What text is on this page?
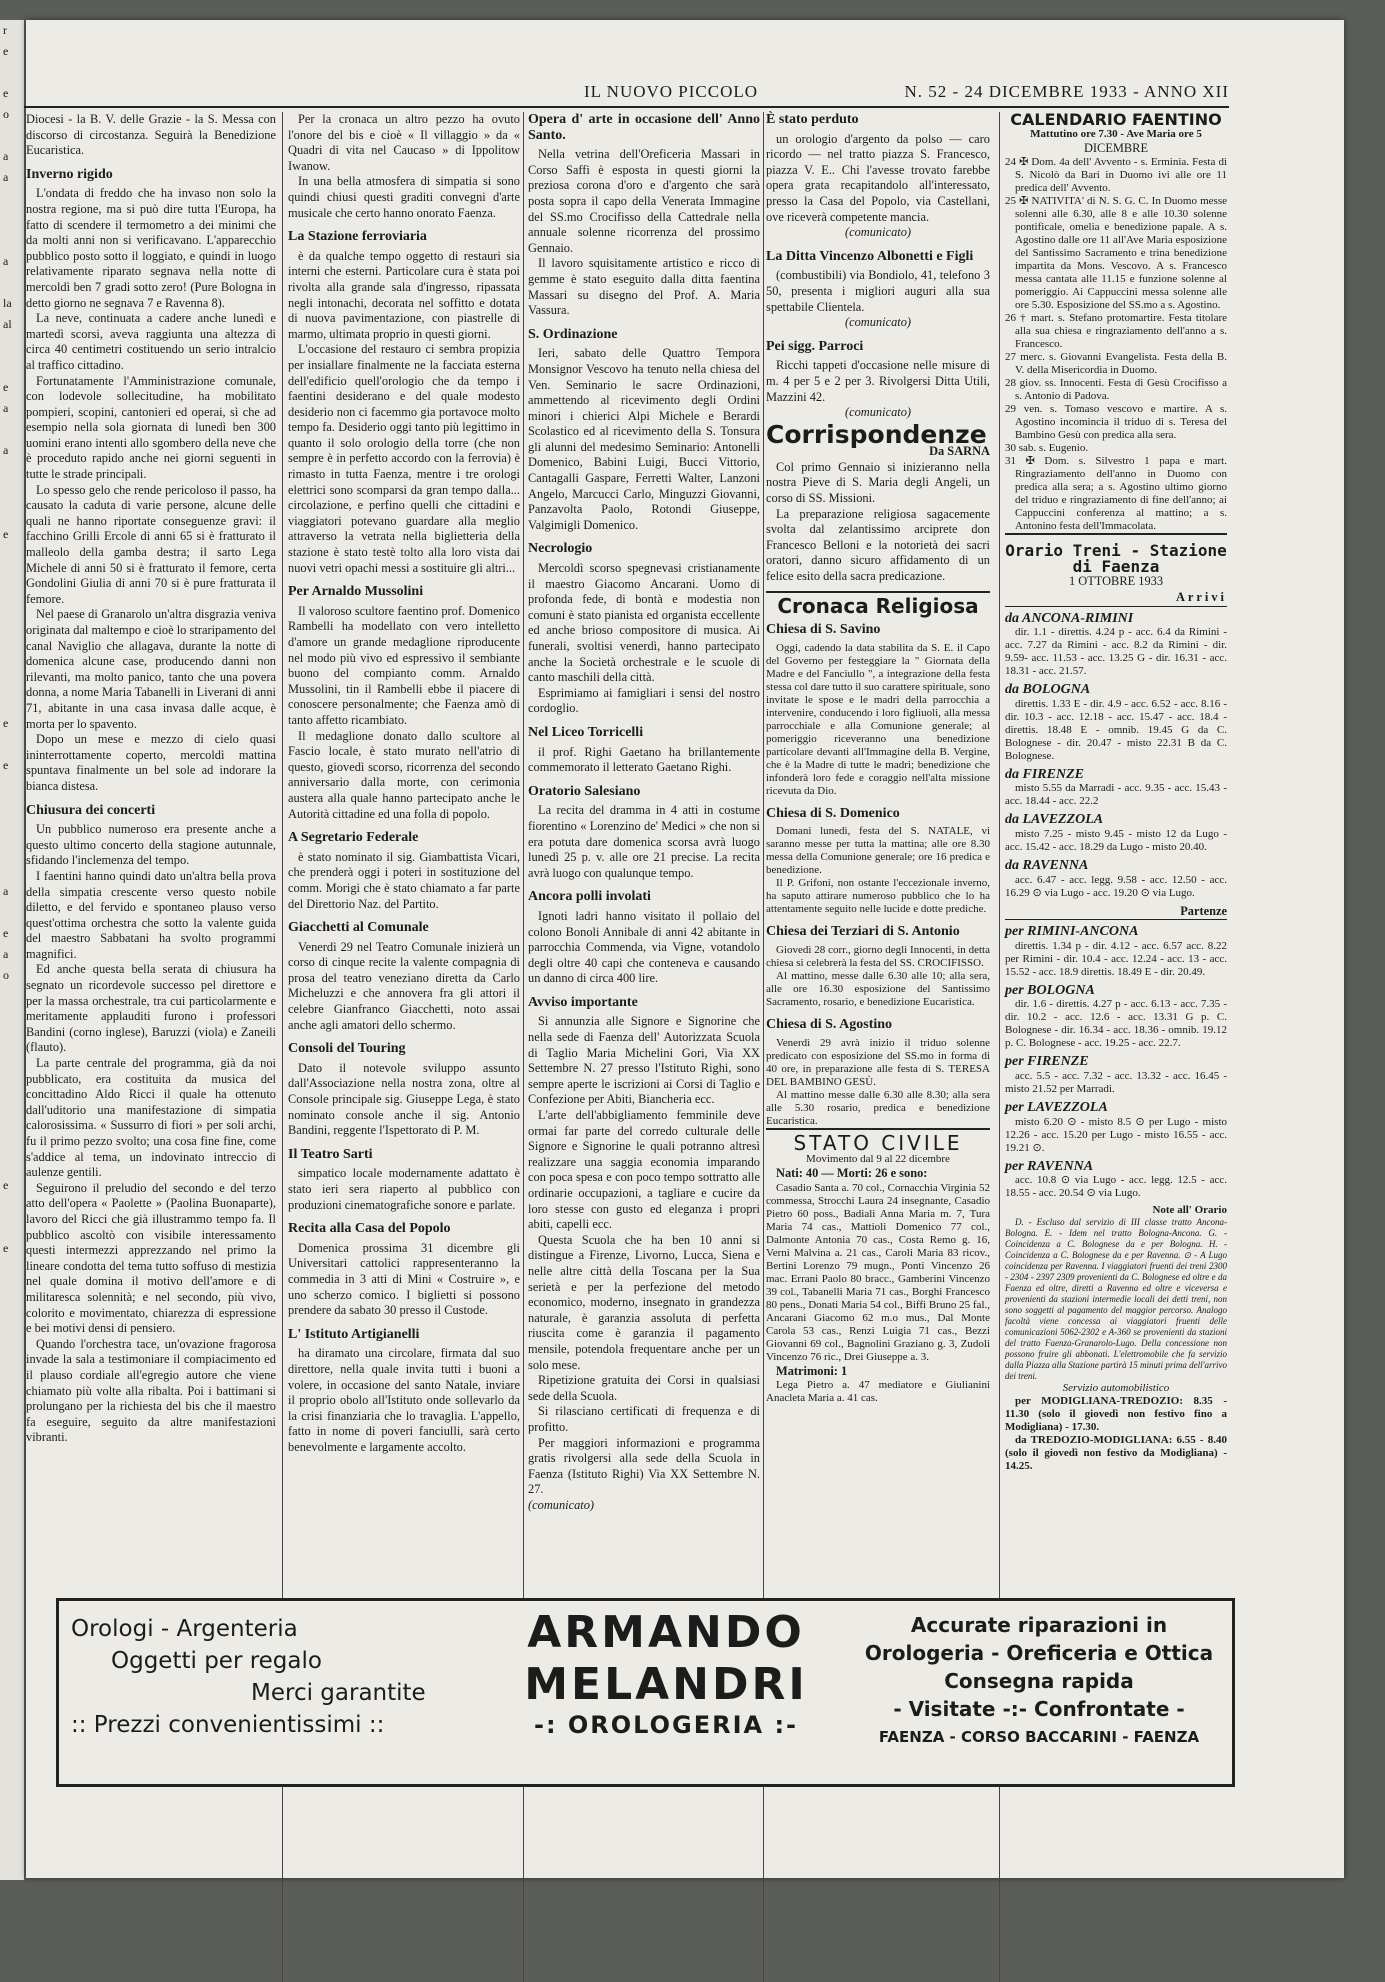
r
e

e
o

a
a

a

la
al

e
a

a

e

e

e

a

e
a
o

e

e

IL NUOVO PICCOLO	N. 52 - 24 DICEMBRE 1933 - ANNO XII

Diocesi - la B. V. delle Grazie - la S. Messa con discorso di circostanza. Seguirà la Benedizione Eucaristica.

Inverno rigido

L'ondata di freddo che ha invaso non solo la nostra regione, ma si può dire tutta l'Europa, ha fatto di scendere il termometro a dei minimi che da molti anni non si verificavano. L'apparecchio pubblico posto sotto il loggiato, e quindi in luogo relativamente riparato segnava nella notte di mercoldì ben 7 gradi sotto zero! (Pure Bologna in detto giorno ne segnava 7 e Ravenna 8).

La neve, continuata a cadere anche lunedì e martedì scorsi, aveva raggiunta una altezza di circa 40 centimetri costituendo un serio intralcio al traffico cittadino.

Fortunatamente l'Amministrazione comunale, con lodevole sollecitudine, ha mobilitato pompieri, scopini, cantonieri ed operai, sì che ad esempio nella sola giornata di lunedì ben 300 uomini erano intenti allo sgombero della neve che è proceduto rapido anche nei giorni seguenti in tutte le strade principali.

Lo spesso gelo che rende pericoloso il passo, ha causato la caduta di varie persone, alcune delle quali ne hanno riportate conseguenze gravi: il facchino Grilli Ercole di anni 65 si è fratturato il malleolo della gamba destra; il sarto Lega Michele di anni 50 si è fratturato il femore, certa Gondolini Giulia di anni 70 si è pure fratturata il femore.

Nel paese di Granarolo un'altra disgrazia veniva originata dal maltempo e cioè lo straripamento del canal Naviglio che allagava, durante la notte di domenica alcune case, producendo danni non rilevanti, ma molto panico, tanto che una povera donna, a nome Maria Tabanelli in Liverani di anni 71, abitante in una casa invasa dalle acque, è morta per lo spavento.

Dopo un mese e mezzo di cielo quasi ininterrottamente coperto, mercoldì mattina spuntava finalmente un bel sole ad indorare la bianca distesa.

Chiusura dei concerti

Un pubblico numeroso era presente anche a questo ultimo concerto della stagione autunnale, sfidando l'inclemenza del tempo.

I faentini hanno quindi dato un'altra bella prova della simpatia crescente verso questo nobile diletto, e del fervido e spontaneo plauso verso quest'ottima orchestra che sotto la valente guida del maestro Sabbatani ha svolto programmi magnifici.

Ed anche questa bella serata di chiusura ha segnato un ricordevole successo pel direttore e per la massa orchestrale, tra cui particolarmente e meritamente applauditi furono i professori Bandini (corno inglese), Baruzzi (viola) e Zaneili (flauto).

La parte centrale del programma, già da noi pubblicato, era costituita da musica del concittadino Aldo Ricci il quale ha ottenuto dall'uditorio una manifestazione di simpatia calorosissima. « Sussurro di fiori » per soli archi, fu il primo pezzo svolto; una cosa fine fine, come s'addice al tema, un indovinato intreccio di aulenze gentili.

Seguirono il preludio del secondo e del terzo atto dell'opera « Paolette » (Paolina Buonaparte), lavoro del Ricci che già illustrammo tempo fa. Il pubblico ascoltò con visibile interessamento questi intermezzi apprezzando nel primo la lineare condotta del tema tutto soffuso di mestizia nel quale domina il motivo dell'amore e di militaresca solennità; e nel secondo, più vivo, colorito e movimentato, chiarezza di espressione e bei motivi densi di pensiero.

Quando l'orchestra tace, un'ovazione fragorosa invade la sala a testimoniare il compiacimento ed il plauso cordiale all'egregio autore che viene chiamato più volte alla ribalta. Poi i battimani si prolungano per la richiesta del bis che il maestro fa eseguire, seguito da altre manifestazioni vibranti.

Per la cronaca un altro pezzo ha ovuto l'onore del bis e cioè « Il villaggio » da « Quadri di vita nel Caucaso » di Ippolitow Iwanow.

In una bella atmosfera di simpatia si sono quindi chiusi questi graditi convegni d'arte musicale che certo hanno onorato Faenza.

La Stazione ferroviaria

è da qualche tempo oggetto di restauri sia interni che esterni. Particolare cura è stata poi rivolta alla grande sala d'ingresso, ripassata negli intonachi, decorata nel soffitto e dotata di nuova pavimentazione, con piastrelle di marmo, ultimata proprio in questi giorni.

L'occasione del restauro ci sembra propizia per insiallare finalmente ne la facciata esterna dell'edificio quell'orologio che da tempo i faentini desiderano e del quale modesto desiderio non ci facemmo gia portavoce molto tempo fa. Desiderio oggi tanto più legittimo in quanto il solo orologio della torre (che non sempre è in perfetto accordo con la ferrovia) è rimasto in tutta Faenza, mentre i tre orologi elettrici sono scomparsi da gran tempo dalla... circolazione, e perfino quelli che cittadini e viaggiatori potevano guardare alla meglio attraverso la vetrata nella biglietteria della stazione è stato testè tolto alla loro vista dai nuovi vetri opachi messi a sostituire gli altri...

Per Arnaldo Mussolini

Il valoroso scultore faentino prof. Domenico Rambelli ha modellato con vero intelletto d'amore un grande medaglione riproducente nel modo più vivo ed espressivo il sembiante buono del compianto comm. Arnaldo Mussolini, tin il Rambelli ebbe il piacere di conoscere personalmente; che Faenza amò di tanto affetto ricambiato.

Il medaglione donato dallo scultore al Fascio locale, è stato murato nell'atrio di questo, giovedì scorso, ricorrenza del secondo anniversario dalla morte, con cerimonia austera alla quale hanno partecipato anche le Autorità cittadine ed una folla di popolo.

A Segretario Federale

è stato nominato il sig. Giambattista Vicari, che prenderà oggi i poteri in sostituzione del comm. Morigi che è stato chiamato a far parte del Direttorio Naz. del Partito.

Giacchetti al Comunale

Venerdì 29 nel Teatro Comunale inizierà un corso di cinque recite la valente compagnia di prosa del teatro veneziano diretta da Carlo Micheluzzi e che annovera fra gli attori il celebre Gianfranco Giacchetti, noto assai anche agli amatori dello schermo.

Consoli del Touring

Dato il notevole sviluppo assunto dall'Associazione nella nostra zona, oltre al Console principale sig. Giuseppe Lega, è stato nominato console anche il sig. Antonio Bandini, reggente l'Ispettorato di P. M.

Il Teatro Sarti

simpatico locale modernamente adattato è stato ieri sera riaperto al pubblico con produzioni cinematografiche sonore e parlate.

Recita alla Casa del Popolo

Domenica prossima 31 dicembre gli Universitari cattolici rappresenteranno la commedia in 3 atti di Mini « Costruire », e uno scherzo comico. I biglietti si possono prendere da sabato 30 presso il Custode.

L' Istituto Artigianelli

ha diramato una circolare, firmata dal suo direttore, nella quale invita tutti i buoni a volere, in occasione del santo Natale, inviare il proprio obolo all'Istituto onde sollevarlo da la crisi finanziaria che lo travaglia. L'appello, fatto in nome di poveri fanciulli, sarà certo benevolmente e largamente accolto.

Opera d' arte in occasione dell' Anno Santo.

Nella vetrina dell'Oreficeria Massari in Corso Saffi è esposta in questi giorni la preziosa corona d'oro e d'argento che sarà posta sopra il capo della Venerata Immagine del SS.mo Crocifisso della Cattedrale nella annuale solenne ricorrenza del prossimo Gennaio.

Il lavoro squisitamente artistico e ricco di gemme è stato eseguito dalla ditta faentina Massari su disegno del Prof. A. Maria Vassura.

S. Ordinazione

Ieri, sabato delle Quattro Tempora Monsignor Vescovo ha tenuto nella chiesa del Ven. Seminario le sacre Ordinazioni, ammettendo al ricevimento degli Ordini minori i chierici Alpi Michele e Berardi Scolastico ed al ricevimento della S. Tonsura gli alunni del medesimo Seminario: Antonelli Domenico, Babini Luigi, Bucci Vittorio, Cantagalli Gaspare, Ferretti Walter, Lanzoni Angelo, Marcucci Carlo, Minguzzi Giovanni, Panzavolta Paolo, Rotondi Giuseppe, Valgimigli Domenico.

Necrologio

Mercoldì scorso spegnevasi cristianamente il maestro Giacomo Ancarani. Uomo di profonda fede, di bontà e modestia non comuni è stato pianista ed organista eccellente ed anche brioso compositore di musica. Ai funerali, svoltisi venerdì, hanno partecipato anche la Società orchestrale e le scuole di canto maschili della città.

Esprimiamo ai famigliari i sensi del nostro cordoglio.

Nel Liceo Torricelli

il prof. Righi Gaetano ha brillantemente commemorato il letterato Gaetano Righi.

Oratorio Salesiano

La recita del dramma in 4 atti in costume fiorentino « Lorenzino de' Medici » che non si era potuta dare domenica scorsa avrà luogo lunedì 25 p. v. alle ore 21 precise. La recita avrà luogo con qualunque tempo.

Ancora polli involati

Ignoti ladri hanno visitato il pollaio del colono Bonoli Annibale di anni 42 abitante in parrocchia Commenda, via Vigne, votandolo degli oltre 40 capi che conteneva e causando un danno di circa 400 lire.

Avviso importante

Si annunzia alle Signore e Signorine che nella sede di Faenza dell' Autorizzata Scuola di Taglio Maria Michelini Gori, Via XX Settembre N. 27 presso l'Istituto Righi, sono sempre aperte le iscrizioni ai Corsi di Taglio e Confezione per Abiti, Biancheria ecc.

L'arte dell'abbigliamento femminile deve ormai far parte del corredo culturale delle Signore e Signorine le quali potranno altresì realizzare una saggia economia imparando con poca spesa e con poco tempo sottratto alle ordinarie occupazioni, a tagliare e cucire da loro stesse con gusto ed eleganza i propri abiti, capelli ecc.

Questa Scuola che ha ben 10 anni si distingue a Firenze, Livorno, Lucca, Siena e nelle altre città della Toscana per la Sua serietà e per la perfezione del metodo economico, moderno, insegnato in grandezza naturale, è garanzia assoluta di perfetta riuscita come è garanzia il pagamento mensile, potendola frequentare anche per un solo mese.

Ripetizione gratuita dei Corsi in qualsiasi sede della Scuola.

Si rilasciano certificati di frequenza e di profitto.

Per maggiori informazioni e programma gratis rivolgersi alla sede della Scuola in Faenza (Istituto Righi) Via XX Settembre N. 27.

(comunicato)
È stato perduto

un orologio d'argento da polso — caro ricordo — nel tratto piazza S. Francesco, piazza V. E.. Chi l'avesse trovato farebbe opera grata recapitandolo all'interessato, presso la Casa del Popolo, via Castellani, ove riceverà competente mancia.

(comunicato)
La Ditta Vincenzo Albonetti e Figli

(combustibili) via Bondiolo, 41, telefono 3 50, presenta i migliori auguri alla sua spettabile Clientela.

(comunicato)
Pei sigg. Parroci

Ricchi tappeti d'occasione nelle misure di m. 4 per 5 e 2 per 3. Rivolgersi Ditta Utili, Mazzini 42.

(comunicato)
Corrispondenze
Da SARNA

Col primo Gennaio si inizieranno nella nostra Pieve di S. Maria degli Angeli, un corso di SS. Missioni.

La preparazione religiosa sagacemente svolta dal zelantissimo arciprete don Francesco Belloni e la notorietà dei sacri oratori, danno sicuro affidamento di un felice esito della sacra predicazione.

Cronaca Religiosa
Chiesa di S. Savino

Oggi, cadendo la data stabilita da S. E. il Capo del Governo per festeggiare la " Giornata della Madre e del Fanciullo ", a integrazione della festa stessa col dare tutto il suo carattere spirituale, sono invitate le spose e le madri della parrocchia a intervenire, conducendo i loro figliuoli, alla messa parrocchiale e alla Comunione generale; al pomeriggio riceveranno una benedizione particolare devanti all'Immagine della B. Vergine, che è la Madre di tutte le madri; benedizione che infonderà loro fede e coraggio nell'alta missione ricevuta da Dio.

Chiesa di S. Domenico

Domani lunedì, festa del S. NATALE, vi saranno messe per tutta la mattina; alle ore 8.30 messa della Comunione generale; ore 16 predica e benedizione.

Il P. Grifoni, non ostante l'eccezionale inverno, ha saputo attirare numeroso pubblico che lo ha attentamente seguito nelle lucide e dotte prediche.

Chiesa dei Terziari di S. Antonio

Giovedì 28 corr., giorno degli Innocenti, in detta chiesa si celebrerà la festa del SS. CROCIFISSO.

Al mattino, messe dalle 6.30 alle 10; alla sera, alle ore 16.30 esposizione del Santissimo Sacramento, rosario, e benedizione Eucaristica.

Chiesa di S. Agostino

Venerdì 29 avrà inizio il triduo solenne predicato con esposizione del SS.mo in forma di 40 ore, in preparazione alle festa di S. TERESA DEL BAMBINO GESÙ.

Al mattino messe dalle 6.30 alle 8.30; alla sera alle 5.30 rosario, predica e benedizione Eucaristica.

STATO CIVILE
Movimento dal 9 al 22 dicembre

Nati: 40 — Morti: 26 e sono:

Casadio Santa a. 70 col., Cornacchia Virginia 52 commessa, Strocchi Laura 24 insegnante, Casadio Pietro 60 poss., Badiali Anna Maria m. 7, Tura Maria 74 cas., Mattioli Domenico 77 col., Dalmonte Antonia 70 cas., Costa Remo g. 16, Verni Malvina a. 21 cas., Caroli Maria 83 ricov., Bertini Lorenzo 79 mugn., Ponti Vincenzo 26 mac. Errani Paolo 80 bracc., Gamberini Vincenzo 39 col., Tabanelli Maria 71 cas., Borghi Francesco 80 pens., Donati Maria 54 col., Biffi Bruno 25 fal., Ancarani Giacomo 62 m.o mus., Dal Monte Carola 53 cas., Renzi Luigia 71 cas., Bezzi Giovanni 69 col., Bagnolini Graziano g. 3, Zudoli Vincenzo 76 ric., Drei Giuseppe a. 3.

Matrimoni: 1

Lega Pietro a. 47 mediatore e Giulianini Anacleta Maria a. 41 cas.

CALENDARIO FAENTINO
Mattutino ore 7.30 - Ave Maria ore 5
DICEMBRE

24 ✠ Dom. 4a dell' Avvento - s. Erminia. Festa di S. Nicolò da Bari in Duomo ivi alle ore 11 predica dell' Avvento.

25 ✠ NATIVITA' di N. S. G. C. In Duomo messe solenni alle 6.30, alle 8 e alle 10.30 solenne pontificale, omelia e benedizione papale. A s. Agostino dalle ore 11 all'Ave Maria esposizione del Santissimo Sacramento e trina benedizione impartita da Mons. Vescovo. A s. Francesco messa cantata alle 11.15 e funzione solenne al pomeriggio. Ai Cappuccini messa solenne alle ore 5.30. Esposizione del SS.mo a s. Agostino.

26 † mart. s. Stefano protomartire. Festa titolare alla sua chiesa e ringraziamento dell'anno a s. Francesco.

27 merc. s. Giovanni Evangelista. Festa della B. V. della Misericordia in Duomo.

28 giov. ss. Innocenti. Festa di Gesù Crocifisso a s. Antonio di Padova.

29 ven. s. Tomaso vescovo e martire. A s. Agostino incomincia il triduo di s. Teresa del Bambino Gesù con predica alla sera.

30 sab. s. Eugenio.

31 ✠ Dom. s. Silvestro 1 papa e mart. Ringraziamento dell'anno in Duomo con predica alla sera; a s. Agostino ultimo giorno del triduo e ringraziamento di fine dell'anno; ai Cappuccini conferenza al mattino; a s. Antonino festa dell'Immacolata.

Orario Treni - Stazione di Faenza
1 OTTOBRE 1933
Arrivi
da ANCONA-RIMINI

dir. 1.1 - direttis. 4.24 p - acc. 6.4 da Rimini - acc. 7.27 da Rimini - acc. 8.2 da Rimini - dir. 9.59- acc. 11.53 - acc. 13.25 G - dir. 16.31 - acc. 18.31 - acc. 21.57.

da BOLOGNA

direttis. 1.33 E - dir. 4.9 - acc. 6.52 - acc. 8.16 - dir. 10.3 - acc. 12.18 - acc. 15.47 - acc. 18.4 - direttis. 18.48 E - omnib. 19.45 G da C. Bolognese - dir. 20.47 - misto 22.31 B da C. Bolognese.

da FIRENZE

misto 5.55 da Marradi - acc. 9.35 - acc. 15.43 - acc. 18.44 - acc. 22.2

da LAVEZZOLA

misto 7.25 - misto 9.45 - misto 12 da Lugo - acc. 15.42 - acc. 18.29 da Lugo - misto 20.40.

da RAVENNA

acc. 6.47 - acc. legg. 9.58 - acc. 12.50 - acc. 16.29 ⊙ via Lugo - acc. 19.20 ⊙ via Lugo.

Partenze
per RIMINI-ANCONA

direttis. 1.34 p - dir. 4.12 - acc. 6.57 acc. 8.22 per Rimini - dir. 10.4 - acc. 12.24 - acc. 13 - acc. 15.52 - acc. 18.9 direttis. 18.49 E - dir. 20.49.

per BOLOGNA

dir. 1.6 - direttis. 4.27 p - acc. 6.13 - acc. 7.35 - dir. 10.2 - acc. 12.6 - acc. 13.31 G p. C. Bolognese - dir. 16.34 - acc. 18.36 - omnib. 19.12 p. C. Bolognese - acc. 19.25 - acc. 22.7.

per FIRENZE

acc. 5.5 - acc. 7.32 - acc. 13.32 - acc. 16.45 - misto 21.52 per Marradi.

per LAVEZZOLA

misto 6.20 ⊙ - misto 8.5 ⊙ per Lugo - misto 12.26 - acc. 15.20 per Lugo - misto 16.55 - acc. 19.21 ⊙.

per RAVENNA

acc. 10.8 ⊙ via Lugo - acc. legg. 12.5 - acc. 18.55 - acc. 20.54 ⊙ via Lugo.

Note all' Orario

D. - Escluso dal servizio di III classe tratto Ancona-Bologna. E. - Idem nel tratto Bologna-Ancona. G. - Coincidenza a C. Bolognese da e per Bologna. H. - Coincidenza a C. Bolognese da e per Ravenna. ⊙ - A Lugo coincidenza per Ravenna. I viaggiatori fruenti dei treni 2300 - 2304 - 2397 2309 provenienti da C. Bolognese ed oltre e da Faenza ed oltre, diretti a Ravenna ed oltre e viceversa e provenienti da stazioni intermedie locali dei detti treni, non sono soggetti al pagamento del maggior percorso. Analogo facoltà viene concessa ai viaggiatori fruenti delle comunicazioni 5062-2302 e A-360 se provenienti da stazioni del tratto Faenza-Granarolo-Lugo. Della concessione non possono fruire gli abbonati. L'elettromobile che fa servizio dalla Piazza alla Stazione partirà 15 minuti prima dell'arrivo dei treni.

Servizio automobilistico

per MODIGLIANA-TREDOZIO: 8.35 - 11.30 (solo il giovedì non festivo fino a Modigliana) - 17.30.

da TREDOZIO-MODIGLIANA: 6.55 - 8.40 (solo il giovedì non festivo da Modigliana) - 14.25.

Orologi - Argenteria
Oggetti per regalo
Merci garantite
:: Prezzi convenientissimi ::
ARMANDO
MELANDRI
-: OROLOGERIA :-
Accurate riparazioni in Orologeria - Oreficeria e Ottica
Consegna rapida
- Visitate -:- Confrontate -
FAENZA - CORSO BACCARINI - FAENZA
